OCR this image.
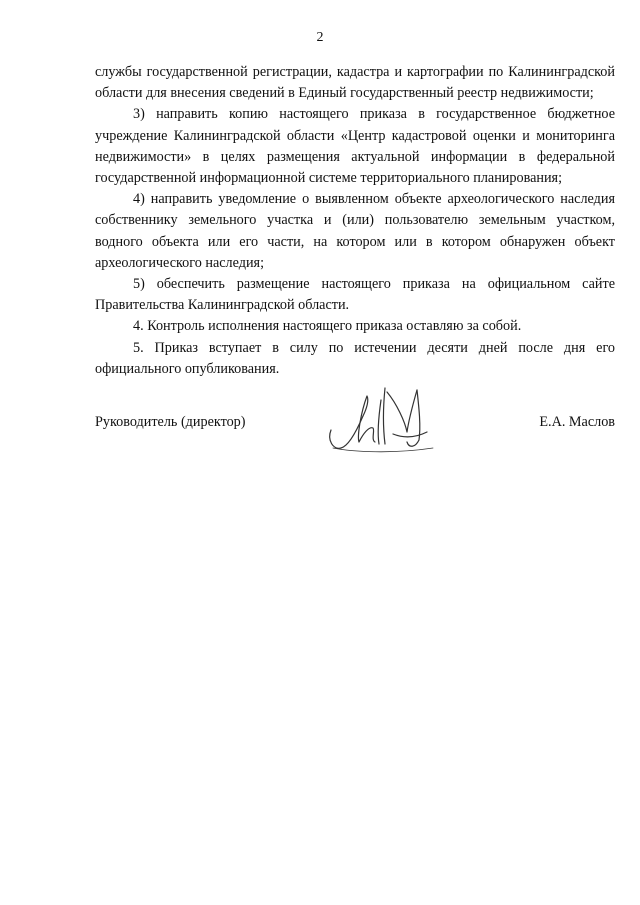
2

службы государственной регистрации, кадастра и картографии по Калининградской области для внесения сведений в Единый государственный реестр недвижимости;

3) направить копию настоящего приказа в государственное бюджетное учреждение Калининградской области «Центр кадастровой оценки и мониторинга недвижимости» в целях размещения актуальной информации в федеральной государственной информационной системе территориального планирования;

4) направить уведомление о выявленном объекте археологического наследия собственнику земельного участка и (или) пользователю земельным участком, водного объекта или его части, на котором или в котором обнаружен объект археологического наследия;

5) обеспечить размещение настоящего приказа на официальном сайте Правительства Калининградской области.

4. Контроль исполнения настоящего приказа оставляю за собой.

5. Приказ вступает в силу по истечении десяти дней после дня его официального опубликования.

Руководитель (директор)	Е.А. Маслов
